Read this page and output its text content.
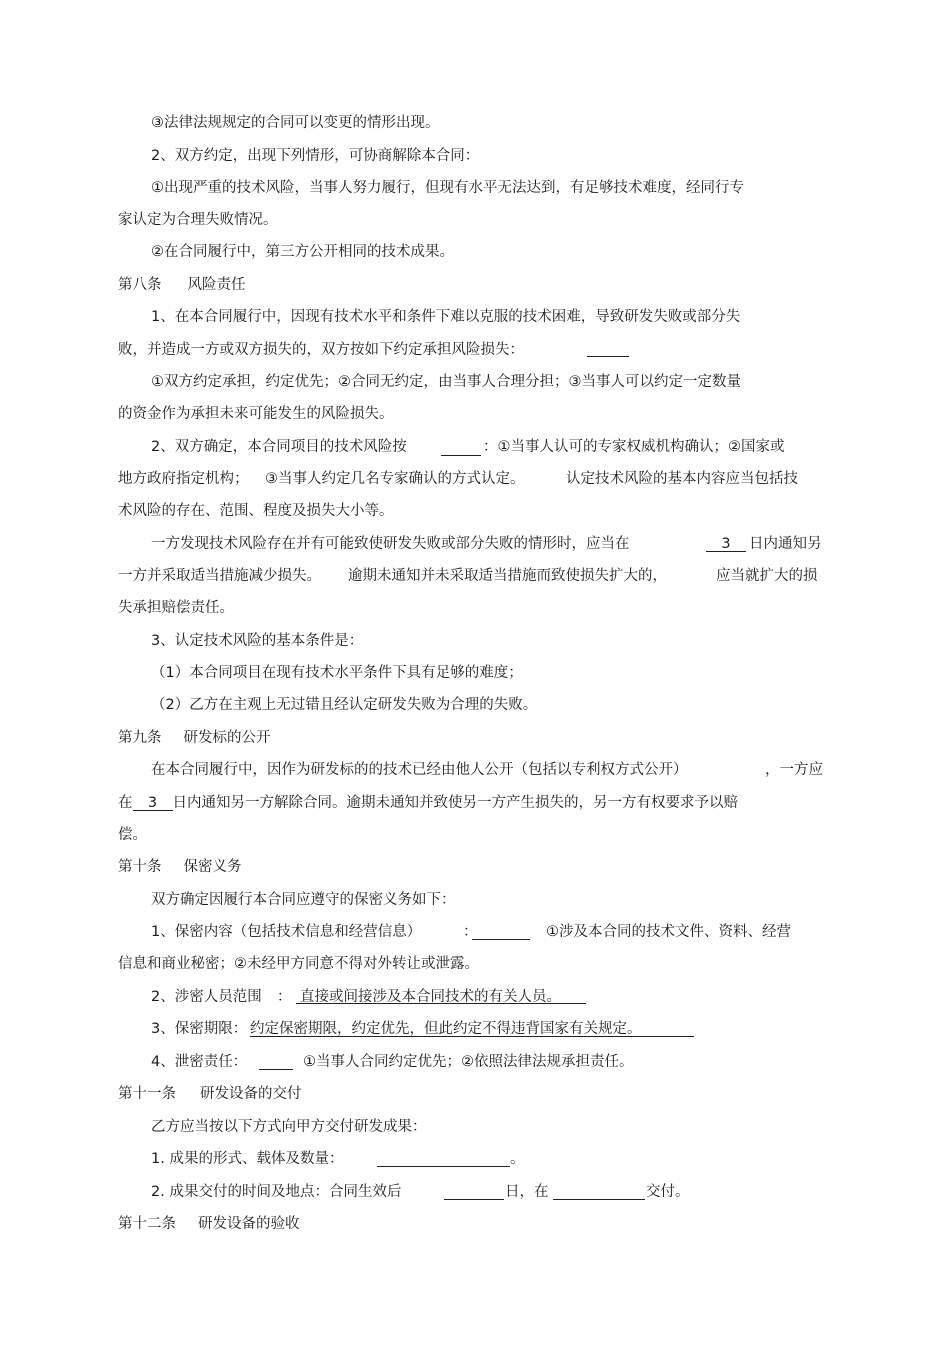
③法律法规规定的合同可以变更的情形出现。
2、双方约定，出现下列情形，可协商解除本合同：
①出现严重的技术风险，当事人努力履行，但现有水平无法达到，有足够技术难度，经同行专
家认定为合理失败情况。
②在合同履行中，第三方公开相同的技术成果。
第八条 风险责任
1、在本合同履行中，因现有技术水平和条件下难以克服的技术困难，导致研发失败或部分失
败，并造成一方或双方损失的，双方按如下约定承担风险损失：
①双方约定承担，约定优先；②合同无约定，由当事人合理分担；③当事人可以约定一定数量
的资金作为承担未来可能发生的风险损失。
2、双方确定，本合同项目的技术风险按	：①当事人认可的专家权威机构确认；②国家或
地方政府指定机构； ③当事人约定几名专家确认的方式认定。	认定技术风险的基本内容应当包括技
术风险的存在、范围、程度及损失大小等。
一方发现技术风险存在并有可能致使研发失败或部分失败的情形时，应当在	3	日内通知另
一方并采取适当措施减少损失。 逾期未通知并未采取适当措施而致使损失扩大的，	应当就扩大的损
失承担赔偿责任。
3、认定技术风险的基本条件是：
（1）本合同项目在现有技术水平条件下具有足够的难度；
（2）乙方在主观上无过错且经认定研发失败为合理的失败。
第九条 研发标的公开
在本合同履行中，因作为研发标的的技术已经由他人公开（包括以专利权方式公开）	，一方应
在 3 日内通知另一方解除合同。逾期未通知并致使另一方产生损失的，另一方有权要求予以赔
偿。
第十条 保密义务
双方确定因履行本合同应遵守的保密义务如下：
1、保密内容（包括技术信息和经营信息）	：	①涉及本合同的技术文件、资料、经营
信息和商业秘密；②未经甲方同意不得对外转让或泄露。
2、涉密人员范围 ： 直接或间接涉及本合同技术的有关人员。
3、保密期限： 约定保密期限，约定优先，但此约定不得违背国家有关规定。
4、泄密责任：	①当事人合同约定优先；②依照法律法规承担责任。
第十一条 研发设备的交付
乙方应当按以下方式向甲方交付研发成果：
1. 成果的形式、载体及数量：	。
2. 成果交付的时间及地点：合同生效后	日，在	交付。
第十二条 研发设备的验收
